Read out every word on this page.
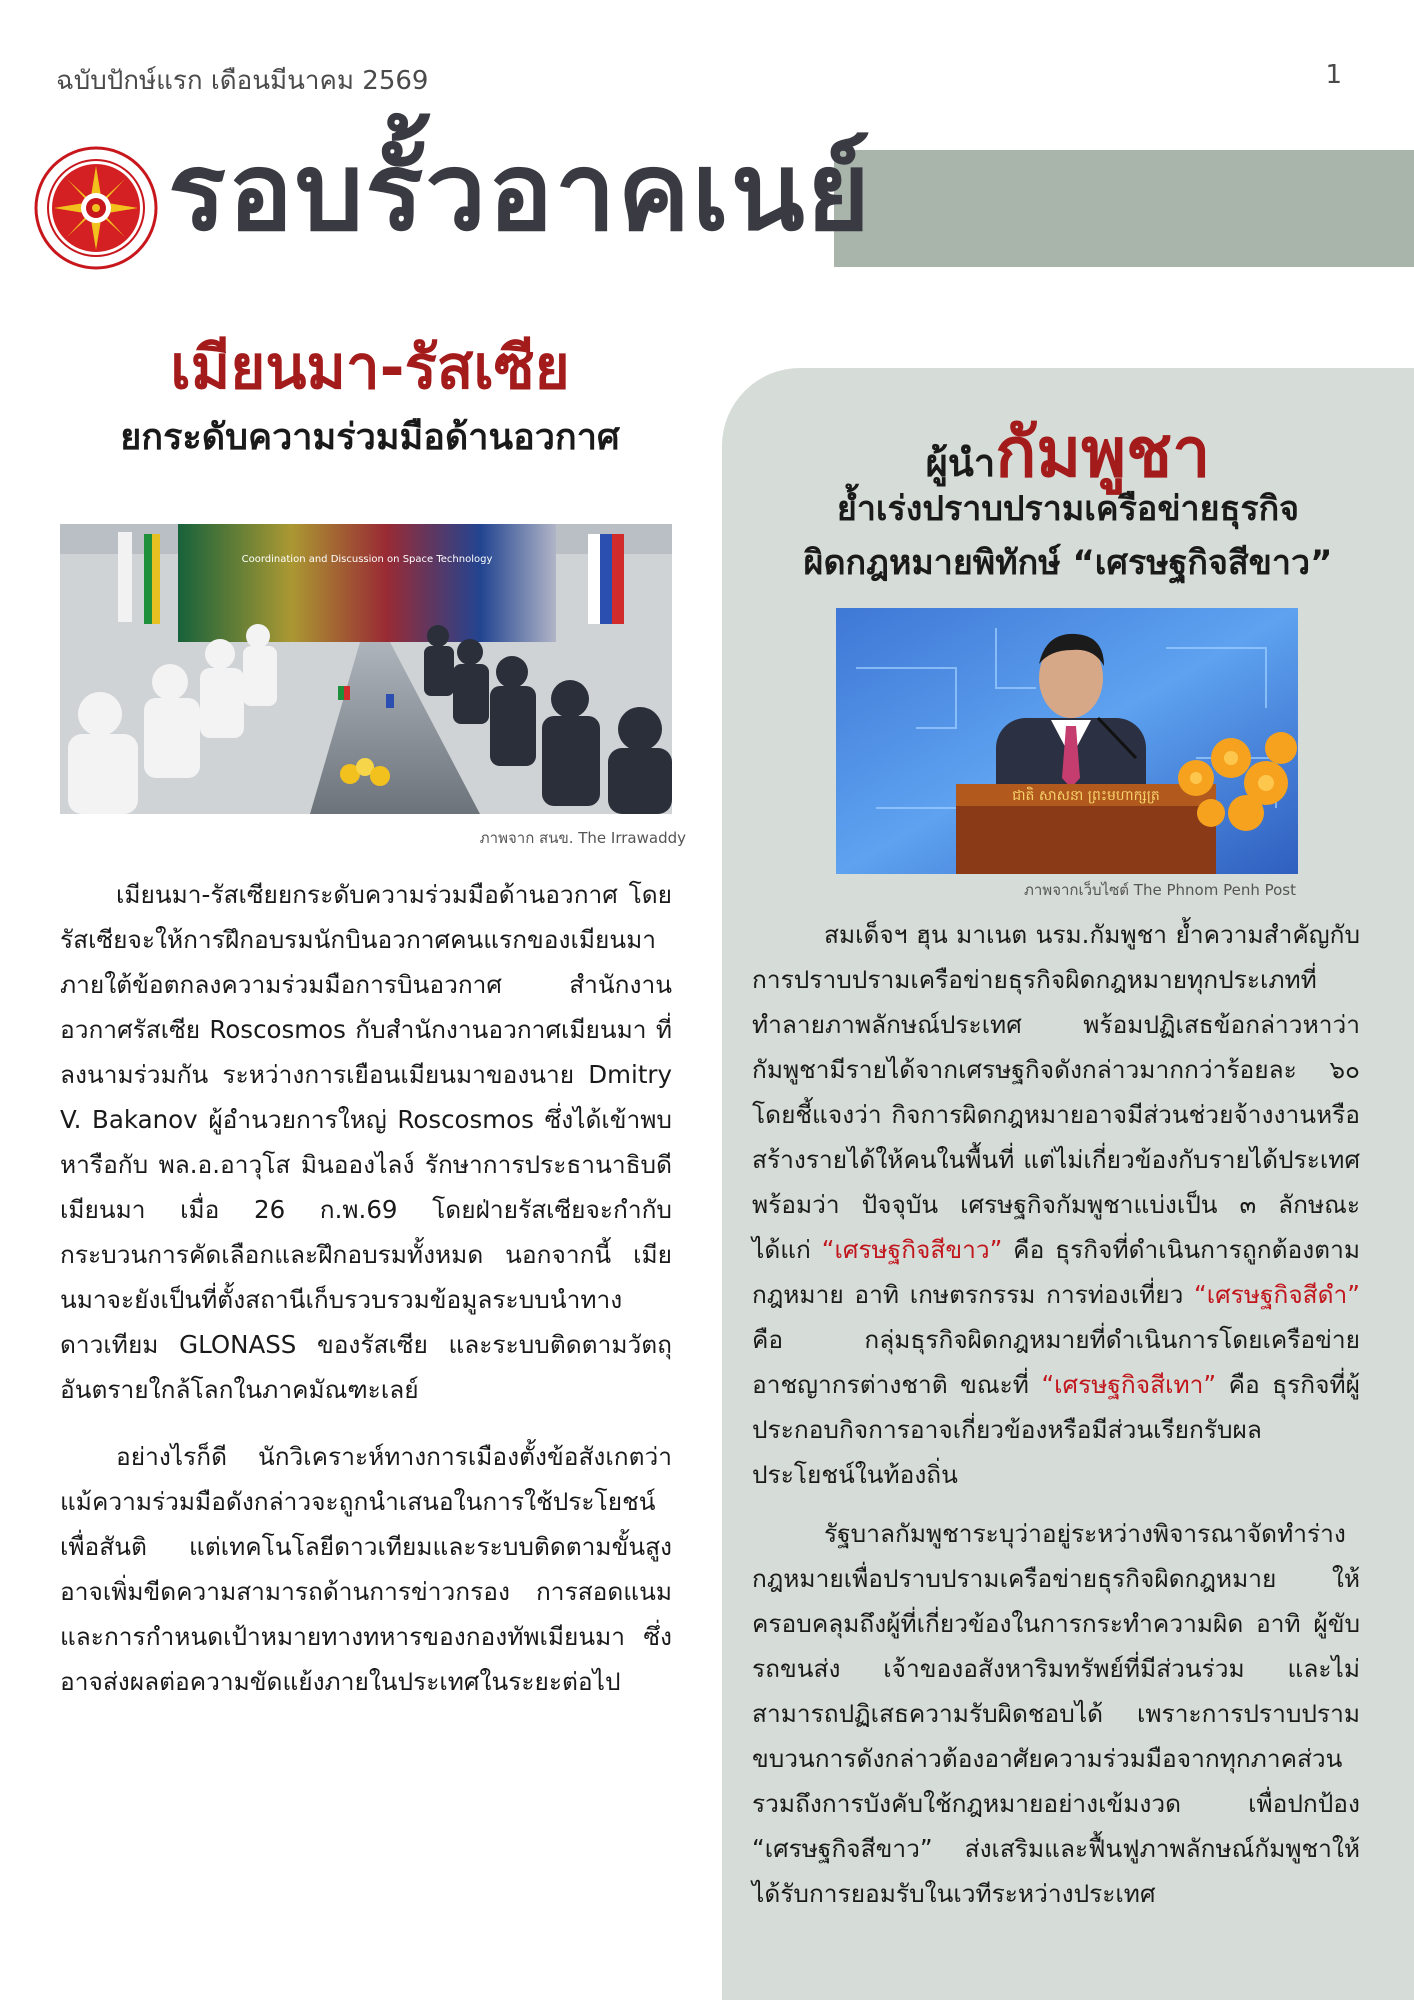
ฉบับปักษ์แรก เดือนมีนาคม 2569	1
รอบรั้วอาคเนย์
เมียนมา-รัสเซีย
ยกระดับความร่วมมือด้านอวกาศ
Coordination and Discussion on Space Technology
ภาพจาก สนข. The Irrawaddy

เมียนมา-รัสเซียยกระดับความร่วมมือด้านอวกาศ โดยรัสเซียจะให้การฝึกอบรมนักบินอวกาศคนแรกของเมียนมา ภายใต้ข้อตกลงความร่วมมือการบินอวกาศ สำนักงานอวกาศรัสเซีย Roscosmos กับสำนักงานอวกาศเมียนมา ที่ลงนามร่วมกัน ระหว่างการเยือนเมียนมาของนาย Dmitry V. Bakanov ผู้อำนวยการใหญ่ Roscosmos ซึ่งได้เข้าพบหารือกับ พล.อ.อาวุโส มินอองไลง์ รักษาการประธานาธิบดีเมียนมา เมื่อ 26 ก.พ.69 โดยฝ่ายรัสเซียจะกำกับกระบวนการคัดเลือกและฝึกอบรมทั้งหมด นอกจากนี้ เมียนมาจะยังเป็นที่ตั้งสถานีเก็บรวบรวมข้อมูลระบบนำทางดาวเทียม GLONASS ของรัสเซีย และระบบติดตามวัตถุอันตรายใกล้โลกในภาคมัณฑะเลย์

อย่างไรก็ดี นักวิเคราะห์ทางการเมืองตั้งข้อสังเกตว่า แม้ความร่วมมือดังกล่าวจะถูกนำเสนอในการใช้ประโยชน์เพื่อสันติ แต่เทคโนโลยีดาวเทียมและระบบติดตามขั้นสูงอาจเพิ่มขีดความสามารถด้านการข่าวกรอง การสอดแนม และการกำหนดเป้าหมายทางทหารของกองทัพเมียนมา ซึ่งอาจส่งผลต่อความขัดแย้งภายในประเทศในระยะต่อไป

ผู้นำกัมพูชา
ย้ำเร่งปราบปรามเครือข่ายธุรกิจ
ผิดกฎหมายพิทักษ์ “เศรษฐกิจสีขาว”
ជាតិ សាសនា ព្រះមហាក្សត្រ
ภาพจากเว็บไซต์ The Phnom Penh Post

สมเด็จฯ ฮุน มาเนต นรม.กัมพูชา ย้ำความสำคัญกับการปราบปรามเครือข่ายธุรกิจผิดกฎหมายทุกประเภทที่ทำลายภาพลักษณ์ประเทศ พร้อมปฏิเสธข้อกล่าวหาว่ากัมพูชามีรายได้จากเศรษฐกิจดังกล่าวมากกว่าร้อยละ ๖๐ โดยชี้แจงว่า กิจการผิดกฎหมายอาจมีส่วนช่วยจ้างงานหรือสร้างรายได้ให้คนในพื้นที่ แต่ไม่เกี่ยวข้องกับรายได้ประเทศ พร้อมว่า ปัจจุบัน เศรษฐกิจกัมพูชาแบ่งเป็น ๓ ลักษณะ ได้แก่ “เศรษฐกิจสีขาว” คือ ธุรกิจที่ดำเนินการถูกต้องตามกฎหมาย อาทิ เกษตรกรรม การท่องเที่ยว “เศรษฐกิจสีดำ” คือ กลุ่มธุรกิจผิดกฎหมายที่ดำเนินการโดยเครือข่ายอาชญากรต่างชาติ ขณะที่ “เศรษฐกิจสีเทา” คือ ธุรกิจที่ผู้ประกอบกิจการอาจเกี่ยวข้องหรือมีส่วนเรียกรับผลประโยชน์ในท้องถิ่น

รัฐบาลกัมพูชาระบุว่าอยู่ระหว่างพิจารณาจัดทำร่างกฎหมายเพื่อปราบปรามเครือข่ายธุรกิจผิดกฎหมาย ให้ครอบคลุมถึงผู้ที่เกี่ยวข้องในการกระทำความผิด อาทิ ผู้ขับรถขนส่ง เจ้าของอสังหาริมทรัพย์ที่มีส่วนร่วม และไม่สามารถปฏิเสธความรับผิดชอบได้ เพราะการปราบปรามขบวนการดังกล่าวต้องอาศัยความร่วมมือจากทุกภาคส่วน รวมถึงการบังคับใช้กฎหมายอย่างเข้มงวด เพื่อปกป้อง “เศรษฐกิจสีขาว” ส่งเสริมและฟื้นฟูภาพลักษณ์กัมพูชาให้ได้รับการยอมรับในเวทีระหว่างประเทศ
